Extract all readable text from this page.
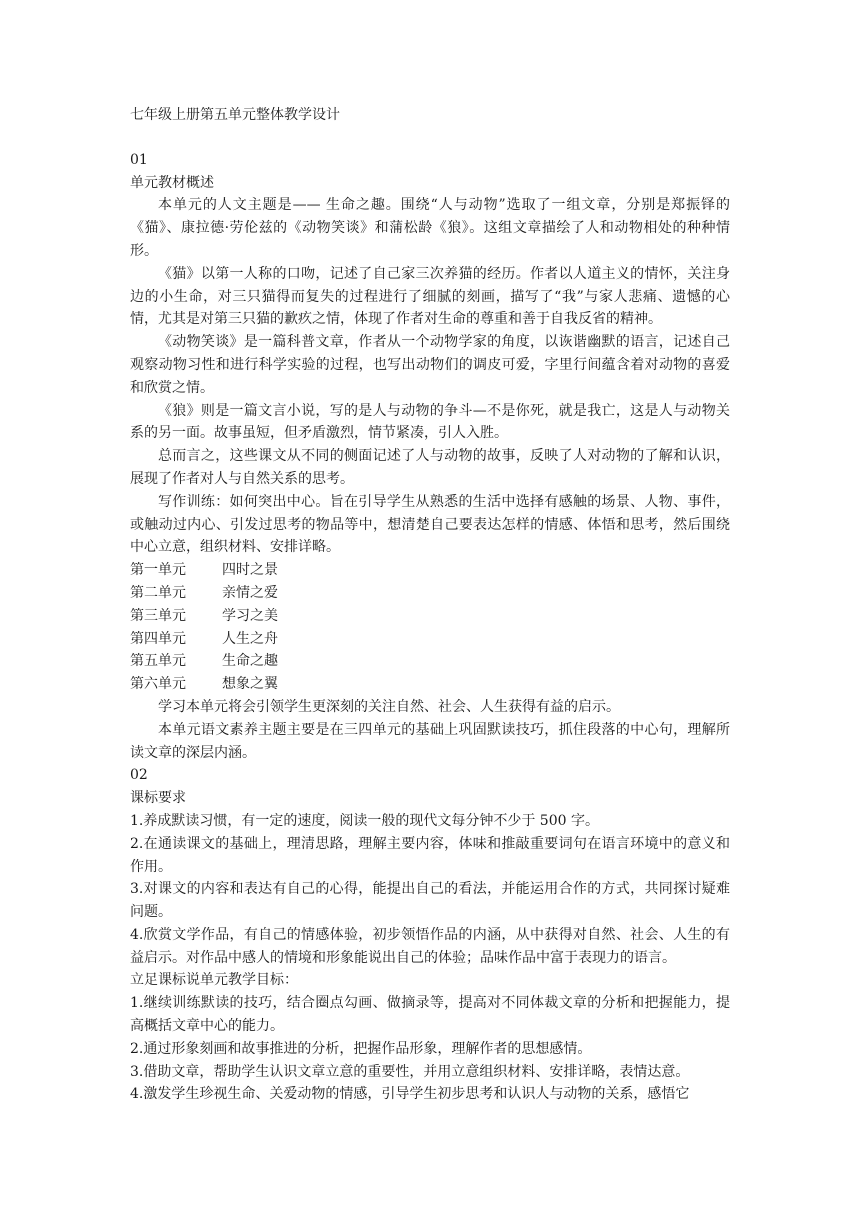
七年级上册第五单元整体教学设计

01

单元教材概述

本单元的人文主题是—— 生命之趣。围绕“人与动物”选取了一组文章，分别是郑振铎的《猫》、康拉德·劳伦兹的《动物笑谈》和蒲松龄《狼》。这组文章描绘了人和动物相处的种种情形。

《猫》以第一人称的口吻，记述了自己家三次养猫的经历。作者以人道主义的情怀，关注身边的小生命，对三只猫得而复失的过程进行了细腻的刻画，描写了“我”与家人悲痛、遗憾的心情，尤其是对第三只猫的歉疚之情，体现了作者对生命的尊重和善于自我反省的精神。

《动物笑谈》是一篇科普文章，作者从一个动物学家的角度，以诙谐幽默的语言，记述自己观察动物习性和进行科学实验的过程，也写出动物们的调皮可爱，字里行间蕴含着对动物的喜爱和欣赏之情。

《狼》则是一篇文言小说，写的是人与动物的争斗—不是你死，就是我亡，这是人与动物关系的另一面。故事虽短，但矛盾激烈，情节紧凑，引人入胜。

总而言之，这些课文从不同的侧面记述了人与动物的故事，反映了人对动物的了解和认识，展现了作者对人与自然关系的思考。

写作训练：如何突出中心。旨在引导学生从熟悉的生活中选择有感触的场景、人物、事件，或触动过内心、引发过思考的物品等中，想清楚自己要表达怎样的情感、体悟和思考，然后围绕中心立意，组织材料、安排详略。

第一单元	四时之景
第二单元	亲情之爱
第三单元	学习之美
第四单元	人生之舟
第五单元	生命之趣
第六单元	想象之翼

学习本单元将会引领学生更深刻的关注自然、社会、人生获得有益的启示。

本单元语文素养主题主要是在三四单元的基础上巩固默读技巧，抓住段落的中心句，理解所读文章的深层内涵。

02

课标要求

1.养成默读习惯，有一定的速度，阅读一般的现代文每分钟不少于 500 字。

2.在通读课文的基础上，理清思路，理解主要内容，体味和推敲重要词句在语言环境中的意义和作用。

3.对课文的内容和表达有自己的心得，能提出自己的看法，并能运用合作的方式，共同探讨疑难问题。

4.欣赏文学作品，有自己的情感体验，初步领悟作品的内涵，从中获得对自然、社会、人生的有益启示。对作品中感人的情境和形象能说出自己的体验；品味作品中富于表现力的语言。

立足课标说单元教学目标：

1.继续训练默读的技巧，结合圈点勾画、做摘录等，提高对不同体裁文章的分析和把握能力，提高概括文章中心的能力。

2.通过形象刻画和故事推进的分析，把握作品形象，理解作者的思想感情。

3.借助文章，帮助学生认识文章立意的重要性，并用立意组织材料、安排详略，表情达意。

4.激发学生珍视生命、关爱动物的情感，引导学生初步思考和认识人与动物的关系，感悟它
